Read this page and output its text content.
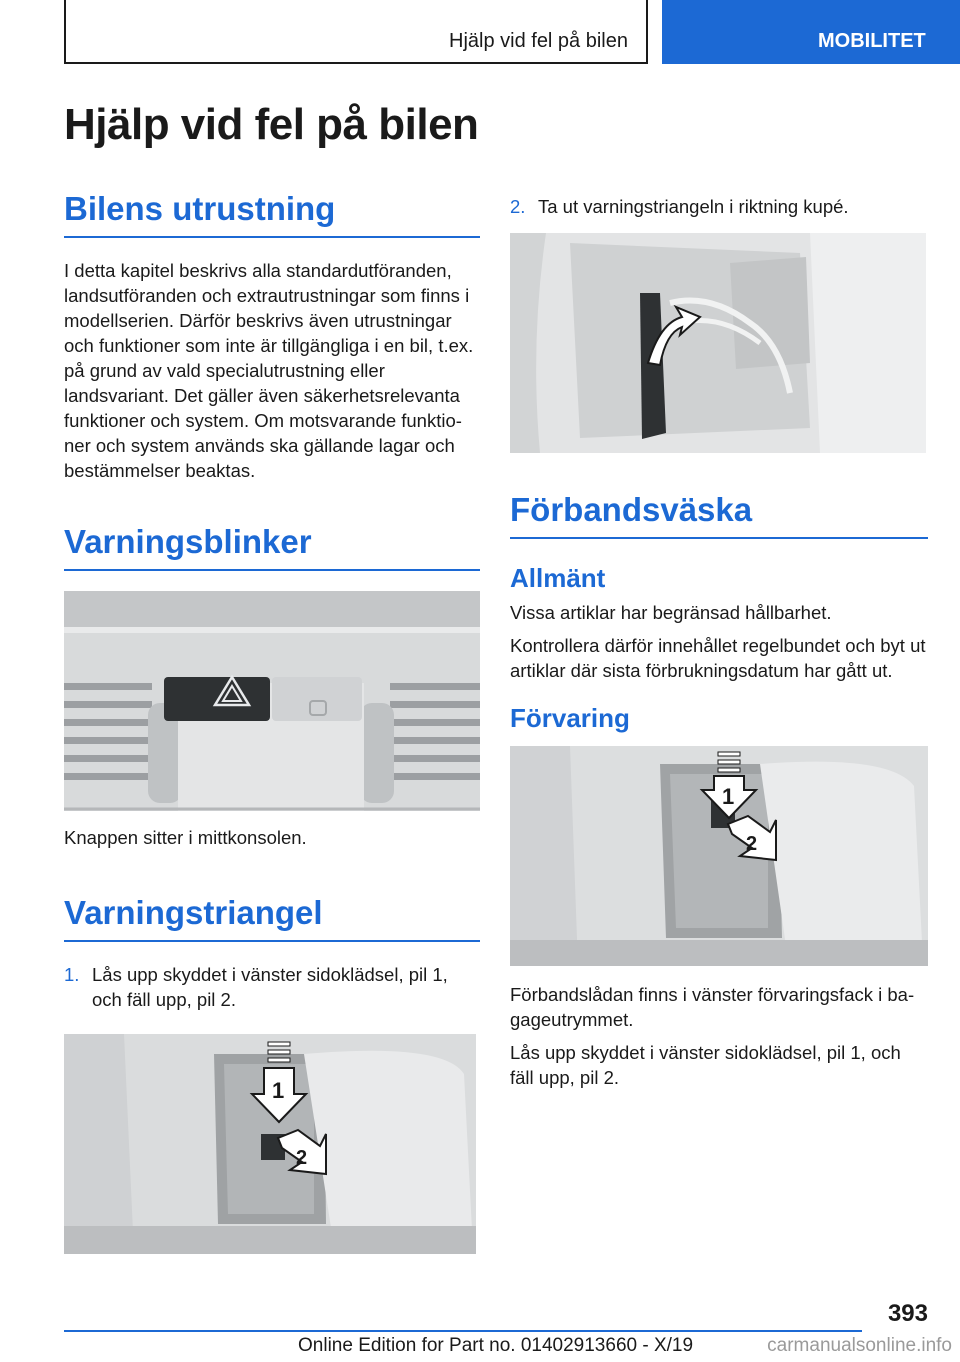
Hjälp vid fel på bilen	MOBILITET
Hjälp vid fel på bilen
Bilens utrustning

I detta kapitel beskrivs alla standardutföranden, landsutföranden och extrautrustningar som finns i modellserien. Därför beskrivs även utrustningar och funktioner som inte är tillgängliga i en bil, t.ex. på grund av vald specialutrustning eller landsvariant. Det gäller även säkerhetsrelevanta funktioner och system. Om motsvarande funktioner och system används ska gällande lagar och bestämmelser beaktas.

Varningsblinker

Knappen sitter i mittkonsolen.

Varningstriangel
1. Lås upp skyddet i vänster sidoklädsel, pil 1, och fäll upp, pil 2.
1
2
2. Ta ut varningstriangeln i riktning kupé.
Förbandsväska
Allmänt

Vissa artiklar har begränsad hållbarhet.

Kontrollera därför innehållet regelbundet och byt ut artiklar där sista förbrukningsdatum har gått ut.

Förvaring
1
2

Förbandslådan finns i vänster förvaringsfack i bagageutrymmet.

Lås upp skyddet i vänster sidoklädsel, pil 1, och fäll upp, pil 2.

393
Online Edition for Part no. 01402913660 - X/19	carmanualsonline.info
